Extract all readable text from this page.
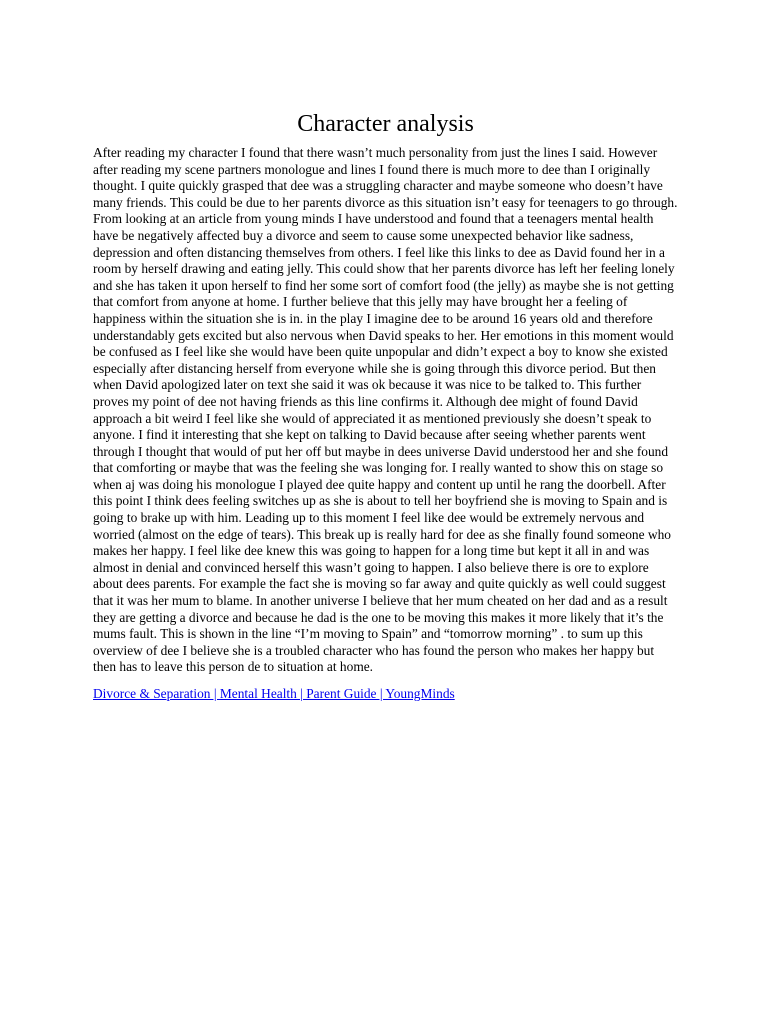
Character analysis

After reading my character I found that there wasn’t much personality from just the lines I said. However after reading my scene partners monologue and lines I found there is much more to dee than I originally thought. I quite quickly grasped that dee was a struggling character and maybe someone who doesn’t have many friends. This could be due to her parents divorce as this situation isn’t easy for teenagers to go through. From looking at an article from young minds I have understood and found that a teenagers mental health have be negatively affected buy a divorce and seem to cause some unexpected behavior like sadness, depression and often distancing themselves from others. I feel like this links to dee as David found her in a room by herself drawing and eating jelly. This could show that her parents divorce has left her feeling lonely and she has taken it upon herself to find her some sort of comfort food (the jelly) as maybe she is not getting that comfort from anyone at home. I further believe that this jelly may have brought her a feeling of happiness within the situation she is in. in the play I imagine dee to be around 16 years old and therefore understandably gets excited but also nervous when David speaks to her. Her emotions in this moment would be confused as I feel like she would have been quite unpopular and didn’t expect a boy to know she existed especially after distancing herself from everyone while she is going through this divorce period. But then when David apologized later on text she said it was ok because it was nice to be talked to. This further proves my point of dee not having friends as this line confirms it. Although dee might of found David approach a bit weird I feel like she would of appreciated it as mentioned previously she doesn’t speak to anyone. I find it interesting that she kept on talking to David because after seeing whether parents went through I thought that would of put her off but maybe in dees universe David understood her and she found that comforting or maybe that was the feeling she was longing for. I really wanted to show this on stage so when aj was doing his monologue I played dee quite happy and content up until he rang the doorbell. After this point I think dees feeling switches up as she is about to tell her boyfriend she is moving to Spain and is going to brake up with him. Leading up to this moment I feel like dee would be extremely nervous and worried (almost on the edge of tears). This break up is really hard for dee as she finally found someone who makes her happy. I feel like dee knew this was going to happen for a long time but kept it all in and was almost in denial and convinced herself this wasn’t going to happen. I also believe there is ore to explore about dees parents. For example the fact she is moving so far away and quite quickly as well could suggest that it was her mum to blame. In another universe I believe that her mum cheated on her dad and as a result they are getting a divorce and because he dad is the one to be moving this makes it more likely that it’s the mums fault. This is shown in the line “I’m moving to Spain” and “tomorrow morning” . to sum up this overview of dee I believe she is a troubled character who has found the person who makes her happy but then has to leave this person de to situation at home.

Divorce & Separation | Mental Health | Parent Guide | YoungMinds
